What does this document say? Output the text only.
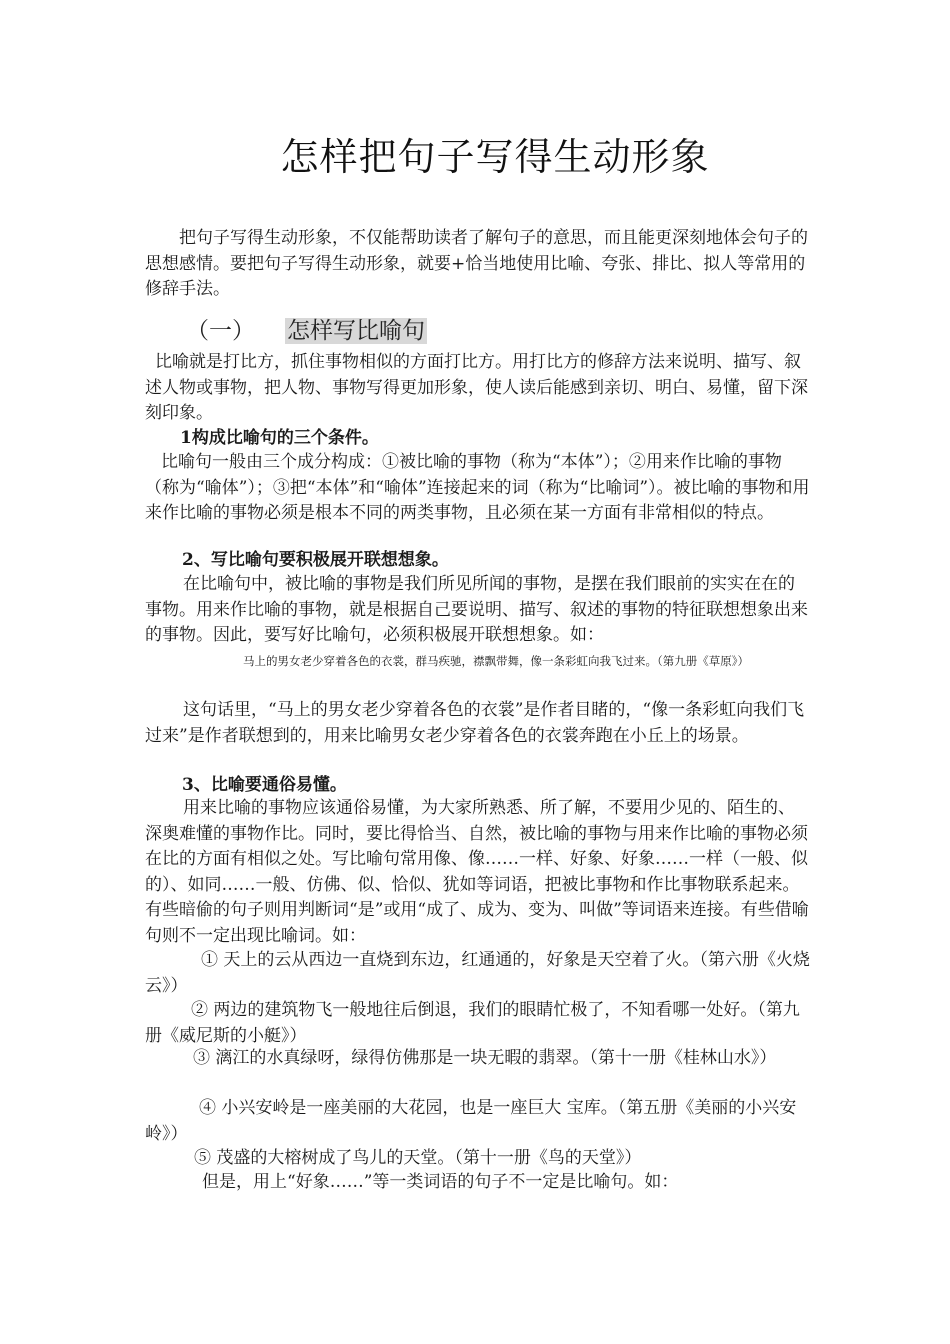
怎样把句子写得生动形象
把句子写得生动形象，不仅能帮助读者了解句子的意思，而且能更深刻地体会句子的思想感情。要把句子写得生动形象，就要+恰当地使用比喻、夸张、排比、拟人等常用的修辞手法。
（一） 怎样写比喻句
比喻就是打比方，抓住事物相似的方面打比方。用打比方的修辞方法来说明、描写、叙述人物或事物，把人物、事物写得更加形象，使人读后能感到亲切、明白、易懂，留下深刻印象。
1构成比喻句的三个条件。
比喻句一般由三个成分构成：①被比喻的事物（称为“本体”）；②用来作比喻的事物（称为“喻体”）；③把“本体”和“喻体”连接起来的词（称为“比喻词”）。被比喻的事物和用来作比喻的事物必须是根本不同的两类事物，且必须在某一方面有非常相似的特点。
2、写比喻句要积极展开联想想象。
在比喻句中，被比喻的事物是我们所见所闻的事物，是摆在我们眼前的实实在在的事物。用来作比喻的事物，就是根据自己要说明、描写、叙述的事物的特征联想想象出来的事物。因此，要写好比喻句，必须积极展开联想想象。如：
马上的男女老少穿着各色的衣裳，群马疾驰，襟飘带舞，像一条彩虹向我飞过来。（第九册《草原》）
这句话里，“马上的男女老少穿着各色的衣裳”是作者目睹的，“像一条彩虹向我们飞过来”是作者联想到的，用来比喻男女老少穿着各色的衣裳奔跑在小丘上的场景。
3、比喻要通俗易懂。
用来比喻的事物应该通俗易懂，为大家所熟悉、所了解，不要用少见的、陌生的、深奥难懂的事物作比。同时，要比得恰当、自然，被比喻的事物与用来作比喻的事物必须在比的方面有相似之处。写比喻句常用像、像……一样、好象、好象……一样（一般、似的）、如同……一般、仿佛、似、恰似、犹如等词语，把被比事物和作比事物联系起来。有些暗偷的句子则用判断词“是”或用“成了、成为、变为、叫做”等词语来连接。有些借喻句则不一定出现比喻词。如：
① 天上的云从西边一直烧到东边，红通通的，好象是天空着了火。（第六册《火烧云》）
② 两边的建筑物飞一般地往后倒退，我们的眼睛忙极了，不知看哪一处好。（第九册《威尼斯的小艇》）
③ 漓江的水真绿呀，绿得仿佛那是一块无暇的翡翠。（第十一册《桂林山水》）
④ 小兴安岭是一座美丽的大花园，也是一座巨大 宝库。（第五册《美丽的小兴安岭》）
⑤ 茂盛的大榕树成了鸟儿的天堂。（第十一册《鸟的天堂》）
但是，用上“好象……”等一类词语的句子不一定是比喻句。如：
